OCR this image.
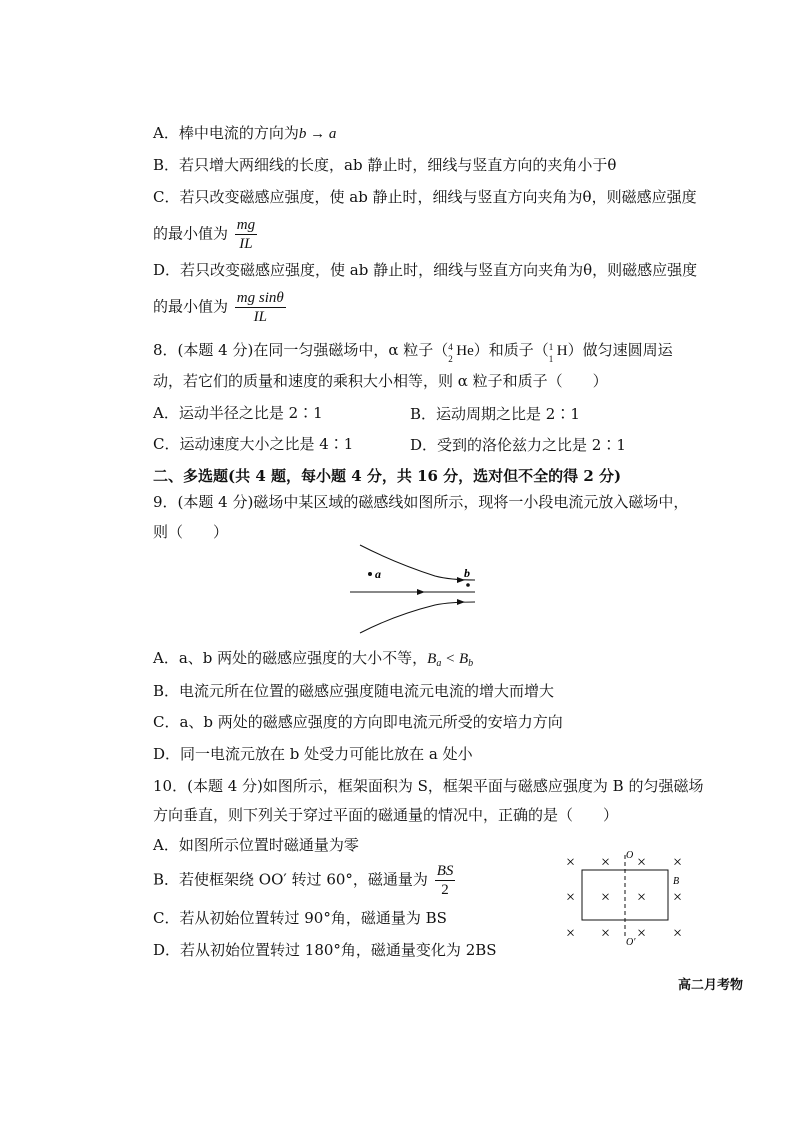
A．棒中电流的方向为b → a
B．若只增大两细线的长度，ab 静止时，细线与竖直方向的夹角小于θ
C．若只改变磁感应强度，使 ab 静止时，细线与竖直方向夹角为θ，则磁感应强度
的最小值为 $\frac{mg}{IL}$
D．若只改变磁感应强度，使 ab 静止时，细线与竖直方向夹角为θ，则磁感应强度
的最小值为 $\frac{\text{mg sinθ}}{IL}$
8．(本题 4 分)在同一匀强磁场中，α 粒子（ 4
2 He）和质子（ 1
1 H）做匀速圆周运
动，若它们的质量和速度的乘积大小相等，则 α 粒子和质子（　　）
A．运动半径之比是 2∶1	B．运动周期之比是 2∶1
C．运动速度大小之比是 4∶1	D．受到的洛伦兹力之比是 2∶1
二、多选题(共 4 题，每小题 4 分，共 16 分，选对但不全的得 2 分)
9．(本题 4 分)磁场中某区域的磁感线如图所示，现将一小段电流元放入磁场中，
则（　　）
a	b
A．a、b 两处的磁感应强度的大小不等，$B_a < B_b$
B．电流元所在位置的磁感应强度随电流元电流的增大而增大
C．a、b 两处的磁感应强度的方向即电流元所受的安培力方向
D．同一电流元放在 b 处受力可能比放在 a 处小
10．(本题 4 分)如图所示，框架面积为 S，框架平面与磁感应强度为 B 的匀强磁场
方向垂直，则下列关于穿过平面的磁通量的情况中，正确的是（　　）
A．如图所示位置时磁通量为零
B．若使框架绕 OO′ 转过 60°，磁通量为 $\frac{BS}{2}$
C．若从初始位置转过 90°角，磁通量为 BS
D．若从初始位置转过 180°角，磁通量变化为 2BS
× × × ×
× × × ×
× × × ×
O
O′
B
高二月考物
